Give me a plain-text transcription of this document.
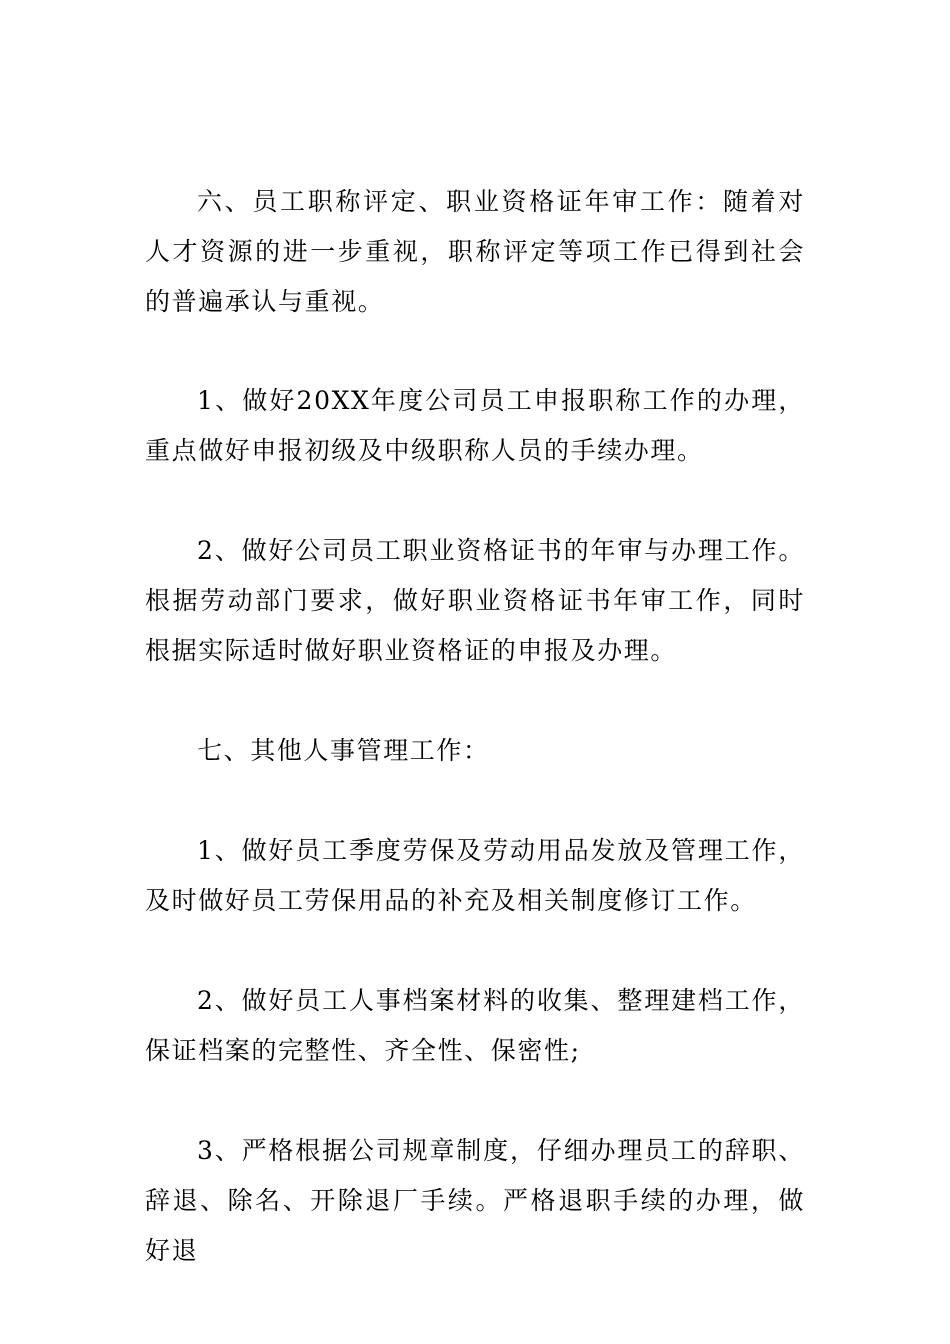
六、员工职称评定、职业资格证年审工作：随着对人才资源的进一步重视，职称评定等项工作已得到社会的普遍承认与重视。

1、做好20XX年度公司员工申报职称工作的办理，重点做好申报初级及中级职称人员的手续办理。

2、做好公司员工职业资格证书的年审与办理工作。根据劳动部门要求，做好职业资格证书年审工作，同时根据实际适时做好职业资格证的申报及办理。

七、其他人事管理工作：

1、做好员工季度劳保及劳动用品发放及管理工作，及时做好员工劳保用品的补充及相关制度修订工作。

2、做好员工人事档案材料的收集、整理建档工作，保证档案的完整性、齐全性、保密性;

3、严格根据公司规章制度，仔细办理员工的辞职、辞退、除名、开除退厂手续。严格退职手续的办理，做好退
